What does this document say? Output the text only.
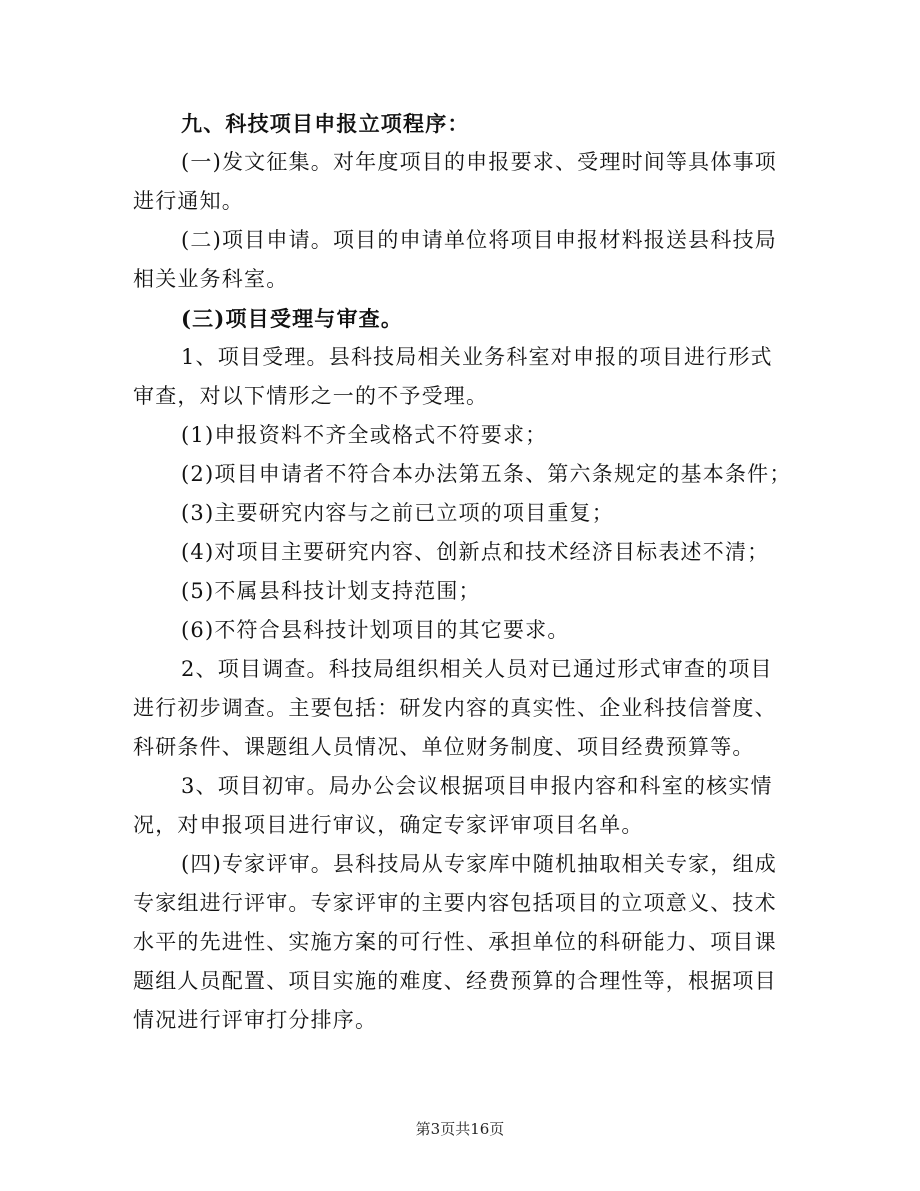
九、科技项目申报立项程序：

(一)发文征集。对年度项目的申报要求、受理时间等具体事项进行通知。

(二)项目申请。项目的申请单位将项目申报材料报送县科技局相关业务科室。

(三)项目受理与审查。

1、项目受理。县科技局相关业务科室对申报的项目进行形式审查，对以下情形之一的不予受理。

(1)申报资料不齐全或格式不符要求；

(2)项目申请者不符合本办法第五条、第六条规定的基本条件；

(3)主要研究内容与之前已立项的项目重复；

(4)对项目主要研究内容、创新点和技术经济目标表述不清；

(5)不属县科技计划支持范围；

(6)不符合县科技计划项目的其它要求。

2、项目调查。科技局组织相关人员对已通过形式审查的项目进行初步调查。主要包括：研发内容的真实性、企业科技信誉度、科研条件、课题组人员情况、单位财务制度、项目经费预算等。

3、项目初审。局办公会议根据项目申报内容和科室的核实情况，对申报项目进行审议，确定专家评审项目名单。

(四)专家评审。县科技局从专家库中随机抽取相关专家，组成专家组进行评审。专家评审的主要内容包括项目的立项意义、技术水平的先进性、实施方案的可行性、承担单位的科研能力、项目课题组人员配置、项目实施的难度、经费预算的合理性等，根据项目情况进行评审打分排序。

第3页共16页
